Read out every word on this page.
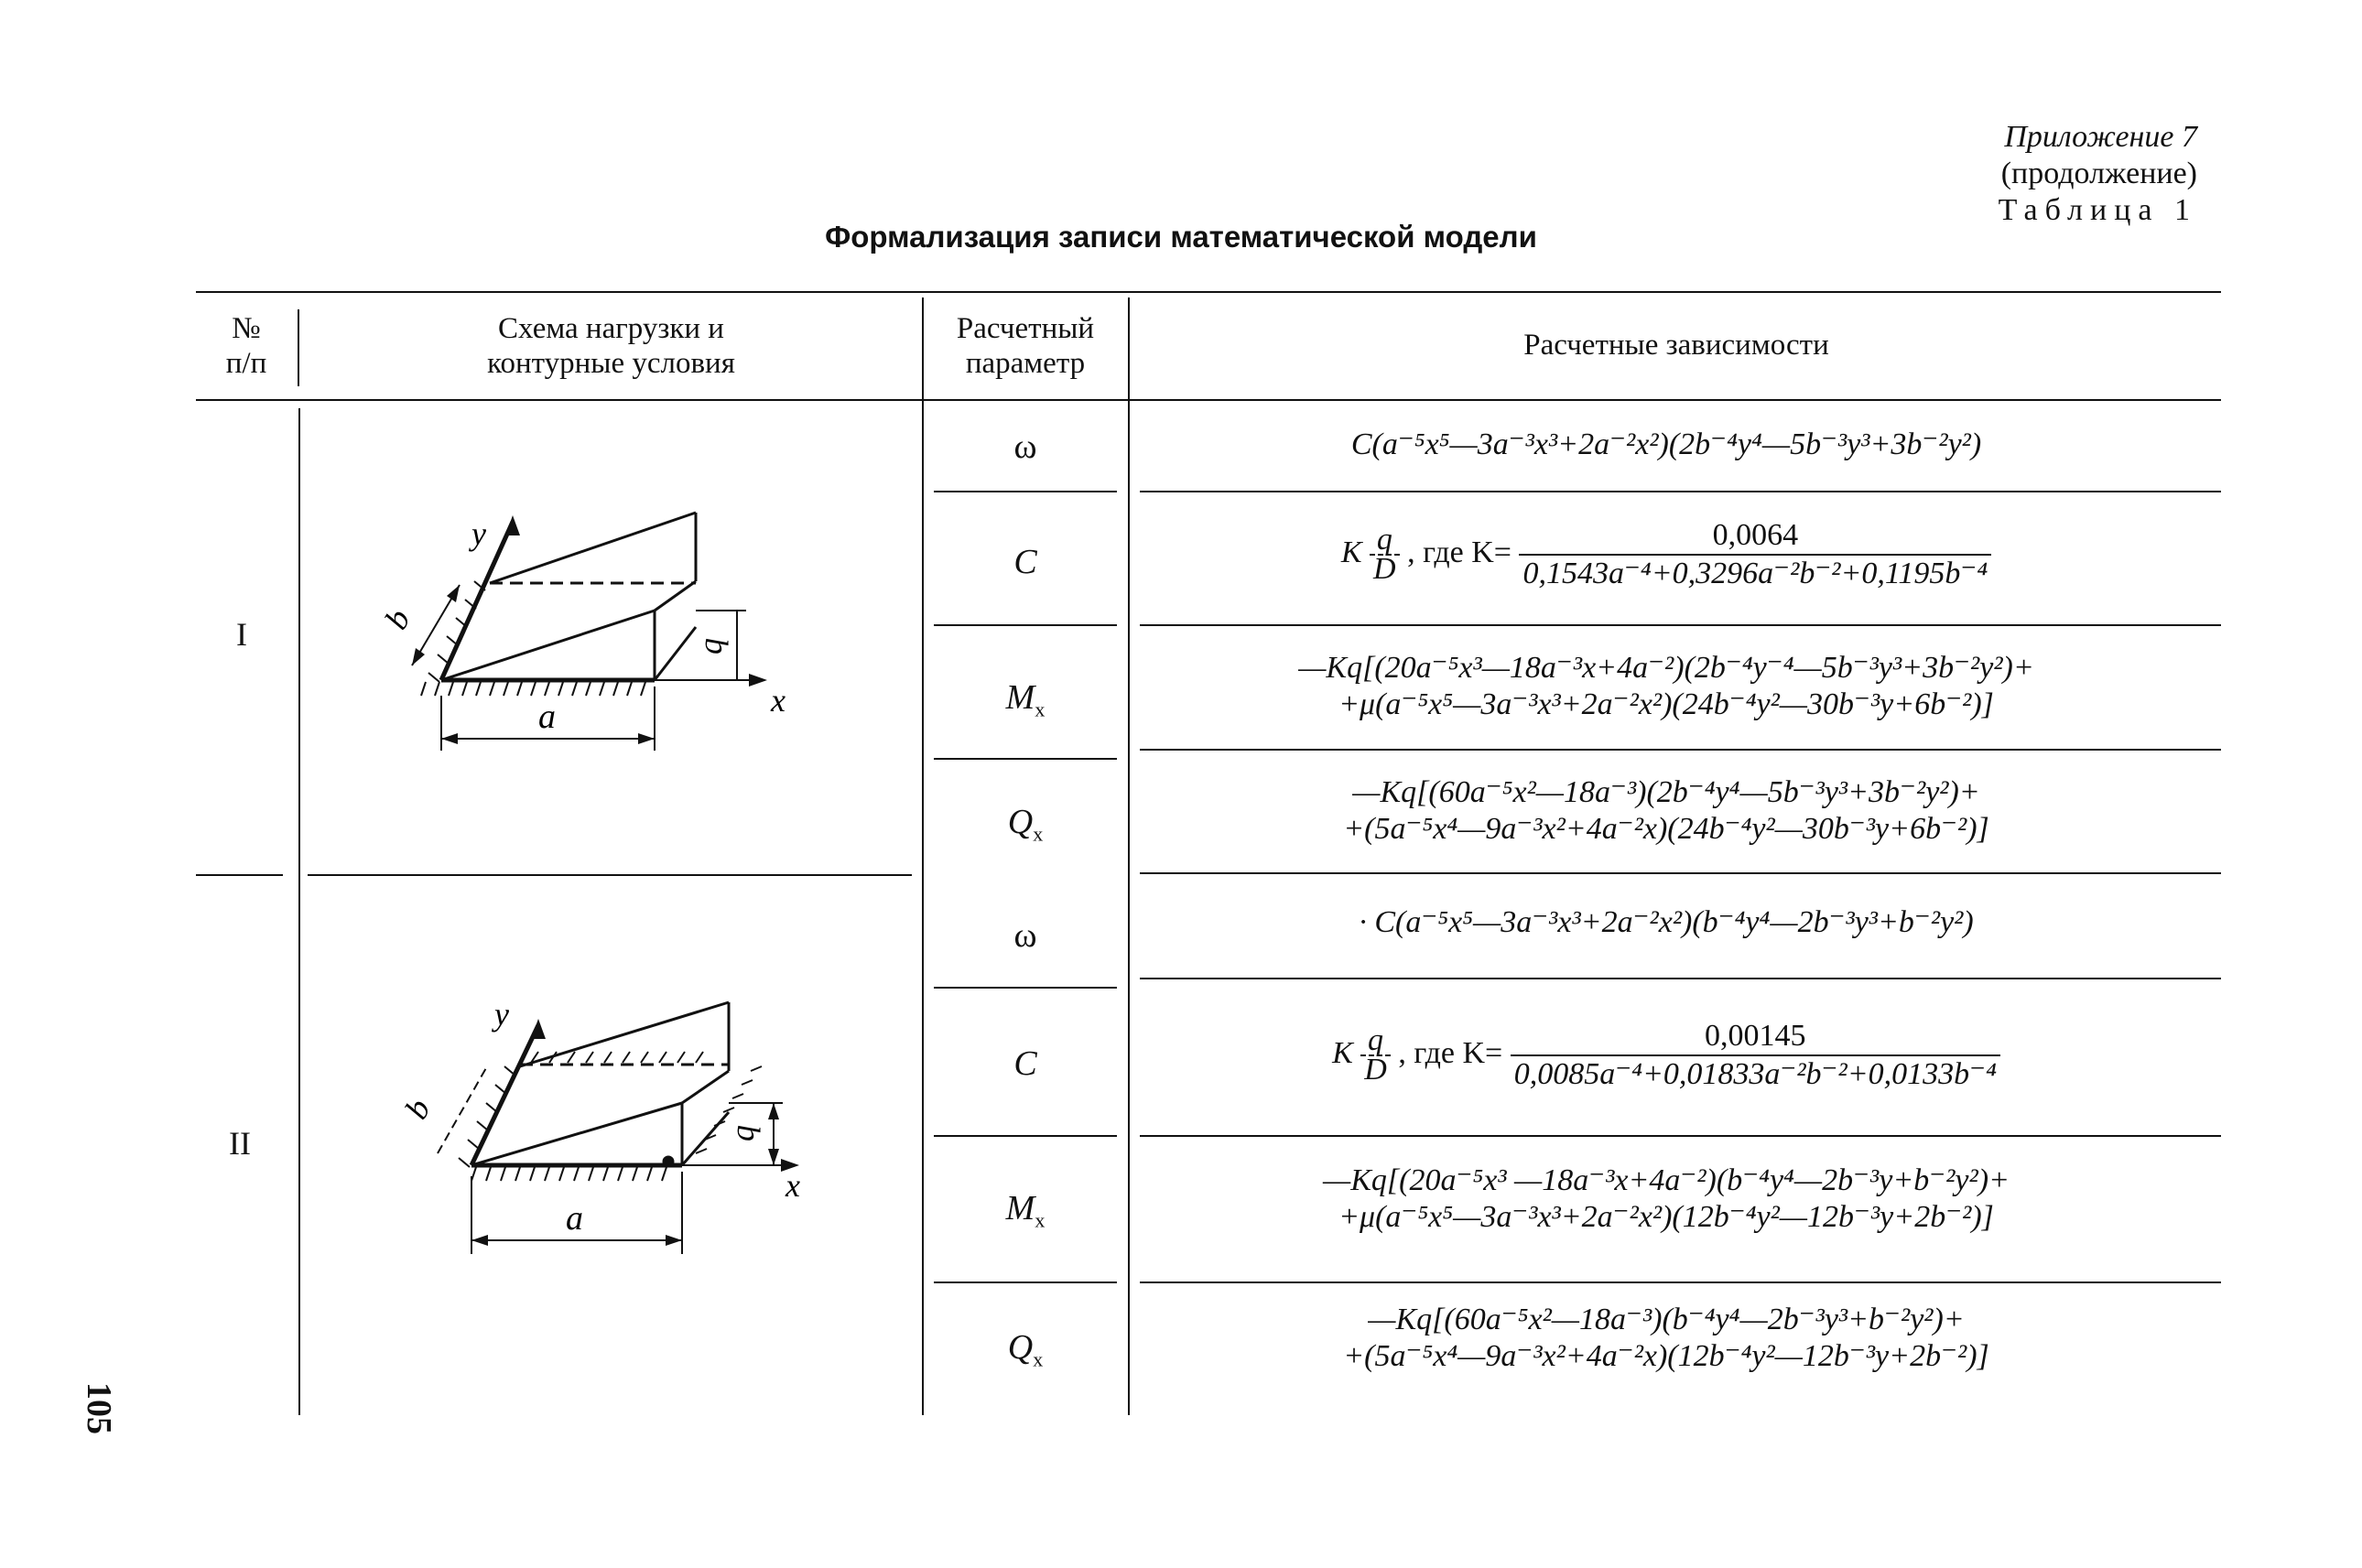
Приложение 7
(продолжение)
Таблица 1
Формализация записи математической модели
№
п/п
Схема нагрузки и
контурные условия
Расчетный
параметр
Расчетные зависимости
I
II
y
x
a
b
q
y
x
a
b
q
ω
C
$M_x$
$Q_x$
ω
C
$M_x$
$Q_x$
C(a⁻⁵x⁵—3a⁻³x³+2a⁻²x²)(2b⁻⁴y⁴—5b⁻³y³+3b⁻²y²)
K $\frac{q}{D}$ , где $K= \frac{0,0064}{\text{0,1543a⁻⁴+0,3296a⁻²b⁻²+0,1195b⁻⁴}}$
—Kq[(20a⁻⁵x³—18a⁻³x+4a⁻²)(2b⁻⁴y⁻⁴—5b⁻³y³+3b⁻²y²)+
+μ(a⁻⁵x⁵—3a⁻³x³+2a⁻²x²)(24b⁻⁴y²—30b⁻³y+6b⁻²)]
—Kq[(60a⁻⁵x²—18a⁻³)(2b⁻⁴y⁴—5b⁻³y³+3b⁻²y²)+
+(5a⁻⁵x⁴—9a⁻³x²+4a⁻²x)(24b⁻⁴y²—30b⁻³y+6b⁻²)]
· C(a⁻⁵x⁵—3a⁻³x³+2a⁻²x²)(b⁻⁴y⁴—2b⁻³y³+b⁻²y²)
K $\frac{q}{D}$ , где $K= \frac{0,00145}{\text{0,0085a⁻⁴+0,01833a⁻²b⁻²+0,0133b⁻⁴}}$
—Kq[(20a⁻⁵x³ —18a⁻³x+4a⁻²)(b⁻⁴y⁴—2b⁻³y+b⁻²y²)+
+μ(a⁻⁵x⁵—3a⁻³x³+2a⁻²x²)(12b⁻⁴y²—12b⁻³y+2b⁻²)]
—Kq[(60a⁻⁵x²—18a⁻³)(b⁻⁴y⁴—2b⁻³y³+b⁻²y²)+
+(5a⁻⁵x⁴—9a⁻³x²+4a⁻²x)(12b⁻⁴y²—12b⁻³y+2b⁻²)]
105
